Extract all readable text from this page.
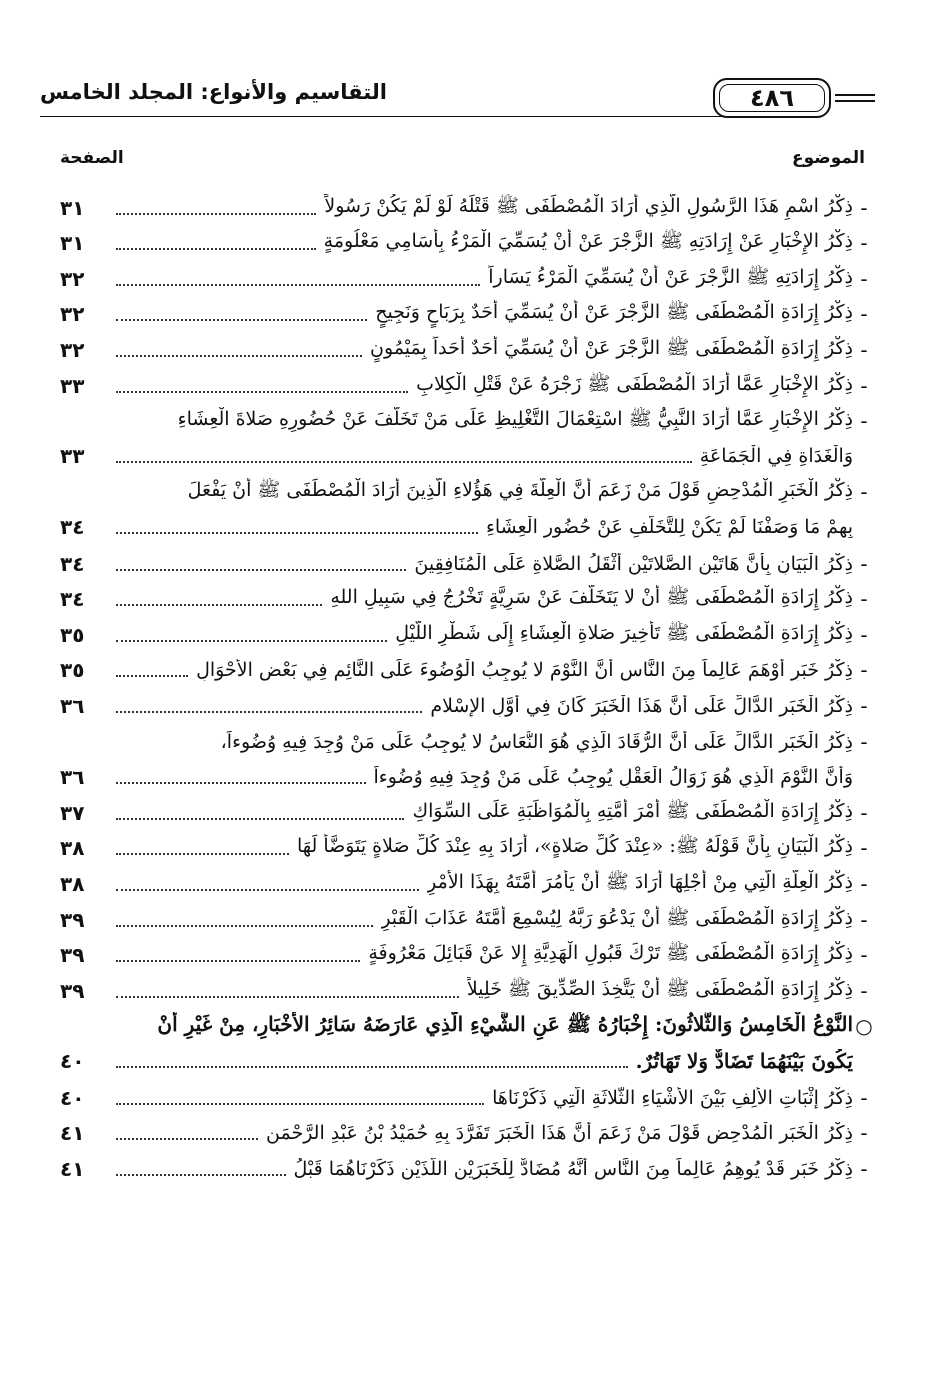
التقاسيم والأنواع: المجلد الخامس	٤٨٦
الموضوع
الصفحة
-
ذِكْرُ اسْمِ هَذَا الرَّسُولِ الَّذِي أَرَادَ الْمُصْطَفَى ﷺ قَتْلَهُ لَوْ لَمْ يَكُنْ رَسُولاً
٣١
-
ذِكْرُ الإِخْبَارِ عَنْ إِرَادَتِهِ ﷺ الزَّجْرَ عَنْ أَنْ يُسَمِّيَ الْمَرْءُ بِأَسَامِي مَعْلُومَةٍ
٣١
-
ذِكْرُ إِرَادَتِهِ ﷺ الزَّجْرَ عَنْ أَنْ يُسَمِّيَ الْمَرْءُ يَسَاراً
٣٢
-
ذِكْرُ إِرَادَةِ الْمُصْطَفَى ﷺ الزَّجْرَ عَنْ أَنْ يُسَمِّيَ أَحَدٌ بِرَبَاحٍ وَنَجِيحٍ
٣٢
-
ذِكْرُ إِرَادَةِ الْمُصْطَفَى ﷺ الزَّجْرَ عَنْ أَنْ يُسَمِّيَ أَحَدٌ أَحَداً بِمَيْمُونٍ
٣٢
-
ذِكْرُ الإِخْبَارِ عَمَّا أَرَادَ الْمُصْطَفَى ﷺ زَجْرَهُ عَنْ قَتْلِ الْكِلابِ
٣٣
-
ذِكْرُ الإِخْبَارِ عَمَّا أَرَادَ النَّبِيُّ ﷺ اسْتِعْمَالَ التَّغْلِيظِ عَلَى مَنْ تَخَلَّفَ عَنْ حُضُورِهِ صَلاةَ الْعِشَاءِ
وَالْغَدَاةِ فِي الْجَمَاعَةِ
٣٣
-
ذِكْرُ الْخَبَرِ الْمُدْحِضِ قَوْلَ مَنْ زَعَمَ أَنَّ الْعِلَّةَ فِي هَؤُلاءِ الَّذِينَ أَرَادَ الْمُصْطَفَى ﷺ أَنْ يَفْعَلَ
بِهِمْ مَا وَصَفْنَا لَمْ يَكُنْ لِلتَّخَلُّفِ عَنْ حُضُورِ الْعِشَاءِ
٣٤
-
ذِكْرُ الْبَيَانِ بِأَنَّ هَاتَيْنِ الصَّلاتَيْنِ أَثْقَلُ الصَّلاةِ عَلَى الْمُنَافِقِينَ
٣٤
-
ذِكْرُ إِرَادَةِ الْمُصْطَفَى ﷺ أَنْ لا يَتَخَلَّفَ عَنْ سَرِيَّةٍ تَخْرُجُ فِي سَبِيلِ اللهِ
٣٤
-
ذِكْرُ إِرَادَةِ الْمُصْطَفَى ﷺ تَأْخِيرَ صَلاةِ الْعِشَاءِ إِلَى شَطْرِ اللَّيْلِ
٣٥
-
ذِكْرُ خَبَرٍ أَوْهَمَ عَالِماً مِنَ النَّاسِ أَنَّ النَّوْمَ لا يُوجِبُ الْوُضُوءَ عَلَى النَّائِمِ فِي بَعْضِ الأَحْوَالِ
٣٥
-
ذِكْرُ الْخَبَرِ الدَّالِّ عَلَى أَنَّ هَذَا الْخَبَرَ كَانَ فِي أَوَّلِ الإِسْلامِ
٣٦
-
ذِكْرُ الْخَبَرِ الدَّالِّ عَلَى أَنَّ الرُّقَادَ الَّذِي هُوَ النُّعَاسُ لا يُوجِبُ عَلَى مَنْ وُجِدَ فِيهِ وُضُوءاً،
وَأَنَّ النَّوْمَ الَّذِي هُوَ زَوَالُ الْعَقْلِ يُوجِبُ عَلَى مَنْ وُجِدَ فِيهِ وُضُوءاً
٣٦
-
ذِكْرُ إِرَادَةِ الْمُصْطَفَى ﷺ أَمْرَ أُمَّتِهِ بِالْمُوَاظَبَةِ عَلَى السِّوَاكِ
٣٧
-
ذِكْرُ الْبَيَانِ بِأَنَّ قَوْلَهُ ﷺ: «عِنْدَ كُلِّ صَلاةٍ»، أَرَادَ بِهِ عِنْدَ كُلِّ صَلاةٍ يَتَوَضَّأُ لَهَا
٣٨
-
ذِكْرُ الْعِلَّةِ الَّتِي مِنْ أَجْلِهَا أَرَادَ ﷺ أَنْ يَأْمُرَ أُمَّتَهُ بِهَذَا الأَمْرِ
٣٨
-
ذِكْرُ إِرَادَةِ الْمُصْطَفَى ﷺ أَنْ يَدْعُوَ رَبَّهُ لِيُسْمِعَ أُمَّتَهُ عَذَابَ الْقَبْرِ
٣٩
-
ذِكْرُ إِرَادَةِ الْمُصْطَفَى ﷺ تَرْكَ قَبُولِ الْهَدِيَّةِ إِلا عَنْ قَبَائِلَ مَعْرُوفَةٍ
٣٩
-
ذِكْرُ إِرَادَةِ الْمُصْطَفَى ﷺ أَنْ يَتَّخِذَ الصِّدِّيقَ ﷺ خَلِيلاً
٣٩
○
النَّوْعُ الْخَامِسُ وَالثَّلاثُونَ: إِخْبَارُهُ ﷺ عَنِ الشَّيْءِ الَّذِي عَارَضَهُ سَائِرُ الأَخْبَارِ، مِنْ غَيْرِ أَنْ
يَكُونَ بَيْنَهُمَا تَضَادٌّ وَلا تَهَاتُرٌ.
٤٠
-
ذِكْرُ إِثْبَاتِ الأَلِفِ بَيْنَ الأَشْيَاءِ الثَّلاثَةِ الَّتِي ذَكَرْنَاهَا
٤٠
-
ذِكْرُ الْخَبَرِ الْمُدْحِضِ قَوْلَ مَنْ زَعَمَ أَنَّ هَذَا الْخَبَرَ تَفَرَّدَ بِهِ حُمَيْدُ بْنُ عَبْدِ الرَّحْمَنِ
٤١
-
ذِكْرُ خَبَرٍ قَدْ يُوهِمُ عَالِماً مِنَ النَّاسِ أَنَّهُ مُضَادٌّ لِلْخَبَرَيْنِ اللَّذَيْنِ ذَكَرْنَاهُمَا قَبْلُ
٤١
